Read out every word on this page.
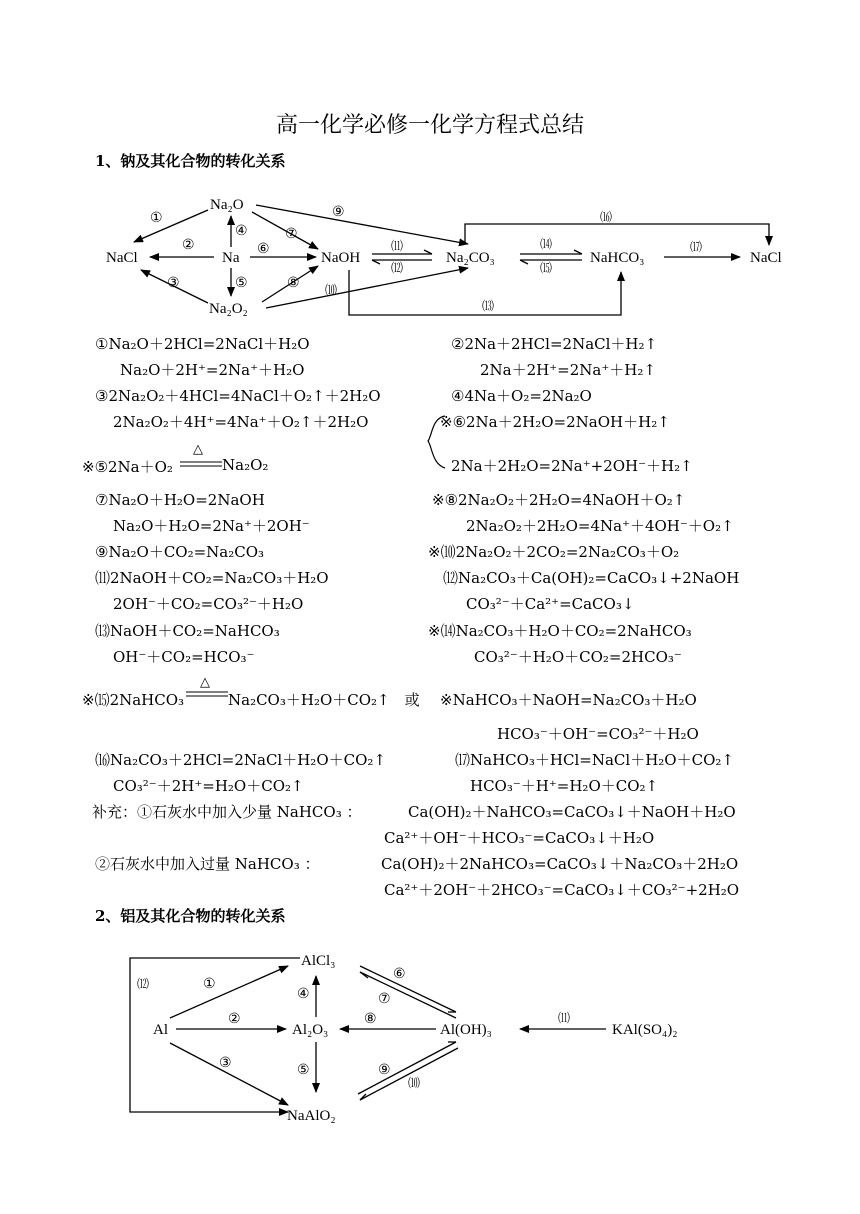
高一化学必修一化学方程式总结
1、钠及其化合物的转化关系
Na₂O
NaCl	Na
Na₂O₂
NaOH	Na₂CO₃	NaHCO₃	NaCl
①
②
③
④
⑤
⑥
⑦
⑧
⑨
⑽
⑾
⑿
⒀
⒁
⒂
⒃
⒄
①Na₂O＋2HCl=2NaCl＋H₂O
Na₂O＋2H⁺=2Na⁺＋H₂O
②2Na＋2HCl=2NaCl＋H₂↑
2Na＋2H⁺=2Na⁺＋H₂↑
③2Na₂O₂＋4HCl=4NaCl＋O₂↑＋2H₂O
2Na₂O₂＋4H⁺=4Na⁺＋O₂↑＋2H₂O
④4Na＋O₂=2Na₂O
※⑥2Na＋2H₂O=2NaOH＋H₂↑
2Na＋2H₂O=2Na⁺+2OH⁻＋H₂↑
※⑤2Na＋O₂
△
Na₂O₂
⑦Na₂O＋H₂O=2NaOH
Na₂O＋H₂O=2Na⁺＋2OH⁻
※⑧2Na₂O₂＋2H₂O=4NaOH＋O₂↑
2Na₂O₂＋2H₂O=4Na⁺＋4OH⁻＋O₂↑
⑨Na₂O＋CO₂=Na₂CO₃	※⑽2Na₂O₂＋2CO₂=2Na₂CO₃＋O₂
⑾2NaOH＋CO₂=Na₂CO₃＋H₂O
2OH⁻＋CO₂=CO₃²⁻＋H₂O
⑿Na₂CO₃＋Ca(OH)₂=CaCO₃↓+2NaOH
CO₃²⁻＋Ca²⁺=CaCO₃↓
⒀NaOH＋CO₂=NaHCO₃
OH⁻＋CO₂=HCO₃⁻
※⒁Na₂CO₃＋H₂O＋CO₂=2NaHCO₃
CO₃²⁻＋H₂O＋CO₂=2HCO₃⁻
※⒂2NaHCO₃
△
Na₂CO₃＋H₂O＋CO₂↑　或 ※NaHCO₃＋NaOH=Na₂CO₃＋H₂O
HCO₃⁻＋OH⁻=CO₃²⁻＋H₂O
⒃Na₂CO₃＋2HCl=2NaCl＋H₂O＋CO₂↑
CO₃²⁻＋2H⁺=H₂O＋CO₂↑
⒄NaHCO₃＋HCl=NaCl＋H₂O＋CO₂↑
HCO₃⁻＋H⁺=H₂O＋CO₂↑
补充：①石灰水中加入少量 NaHCO₃ ：	Ca(OH)₂＋NaHCO₃=CaCO₃↓＋NaOH＋H₂O
Ca²⁺＋OH⁻＋HCO₃⁻=CaCO₃↓＋H₂O
②石灰水中加入过量 NaHCO₃ ：	Ca(OH)₂＋2NaHCO₃=CaCO₃↓＋Na₂CO₃＋2H₂O
Ca²⁺＋2OH⁻＋2HCO₃⁻=CaCO₃↓＋CO₃²⁻+2H₂O
2、铝及其化合物的转化关系
AlCl₃
Al	Al₂O₃	Al(OH)₃	KAl(SO₄)₂
NaAlO₂
①
②
③
④
⑤
⑥
⑦
⑧
⑨
⑽
⑾
⑿
